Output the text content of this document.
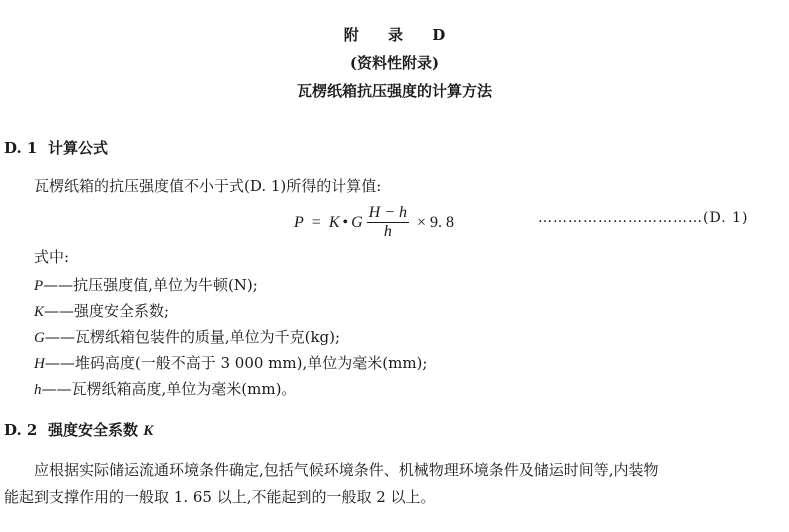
附 录 D
(资料性附录)
瓦楞纸箱抗压强度的计算方法
D. 1 计算公式
瓦楞纸箱的抗压强度值不小于式(D. 1)所得的计算值:
P = K • G $\frac{H - h}{h} \times 9$. 8	……………………………(D. 1)
式中:
P——抗压强度值,单位为牛顿(N);
K——强度安全系数;
G——瓦楞纸箱包装件的质量,单位为千克(kg);
H——堆码高度(一般不高于 3 000 mm),单位为毫米(mm);
h——瓦楞纸箱高度,单位为毫米(mm)。
D. 2 强度安全系数 K
应根据实际储运流通环境条件确定,包括气候环境条件、机械物理环境条件及储运时间等,内装物
能起到支撑作用的一般取 1. 65 以上,不能起到的一般取 2 以上。
